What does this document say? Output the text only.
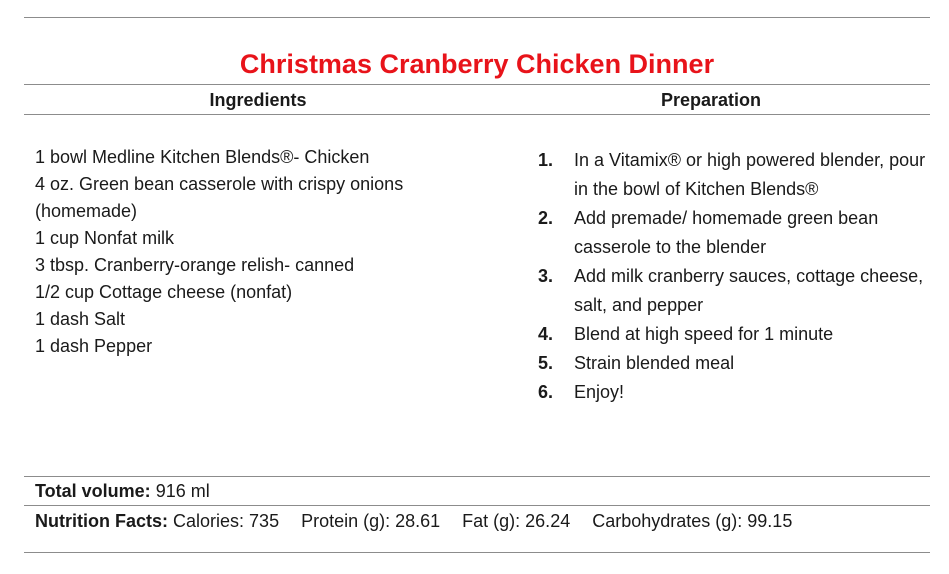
Christmas Cranberry Chicken Dinner
Ingredients	Preparation
1 bowl Medline Kitchen Blends®- Chicken
4 oz. Green bean casserole with crispy onions (homemade)
1 cup Nonfat milk
3 tbsp. Cranberry-orange relish- canned
1/2 cup Cottage cheese (nonfat)
1 dash Salt
1 dash Pepper
1.	In a Vitamix® or high powered blender, pour in the bowl of Kitchen Blends®
2.	Add premade/ homemade green bean casserole to the blender
3.	Add milk cranberry sauces, cottage cheese, salt, and pepper
4.	Blend at high speed for 1 minute
5.	Strain blended meal
6.	Enjoy!
Total volume: 916 ml
Nutrition Facts: Calories: 735 Protein (g): 28.61 Fat (g): 26.24 Carbohydrates (g): 99.15
